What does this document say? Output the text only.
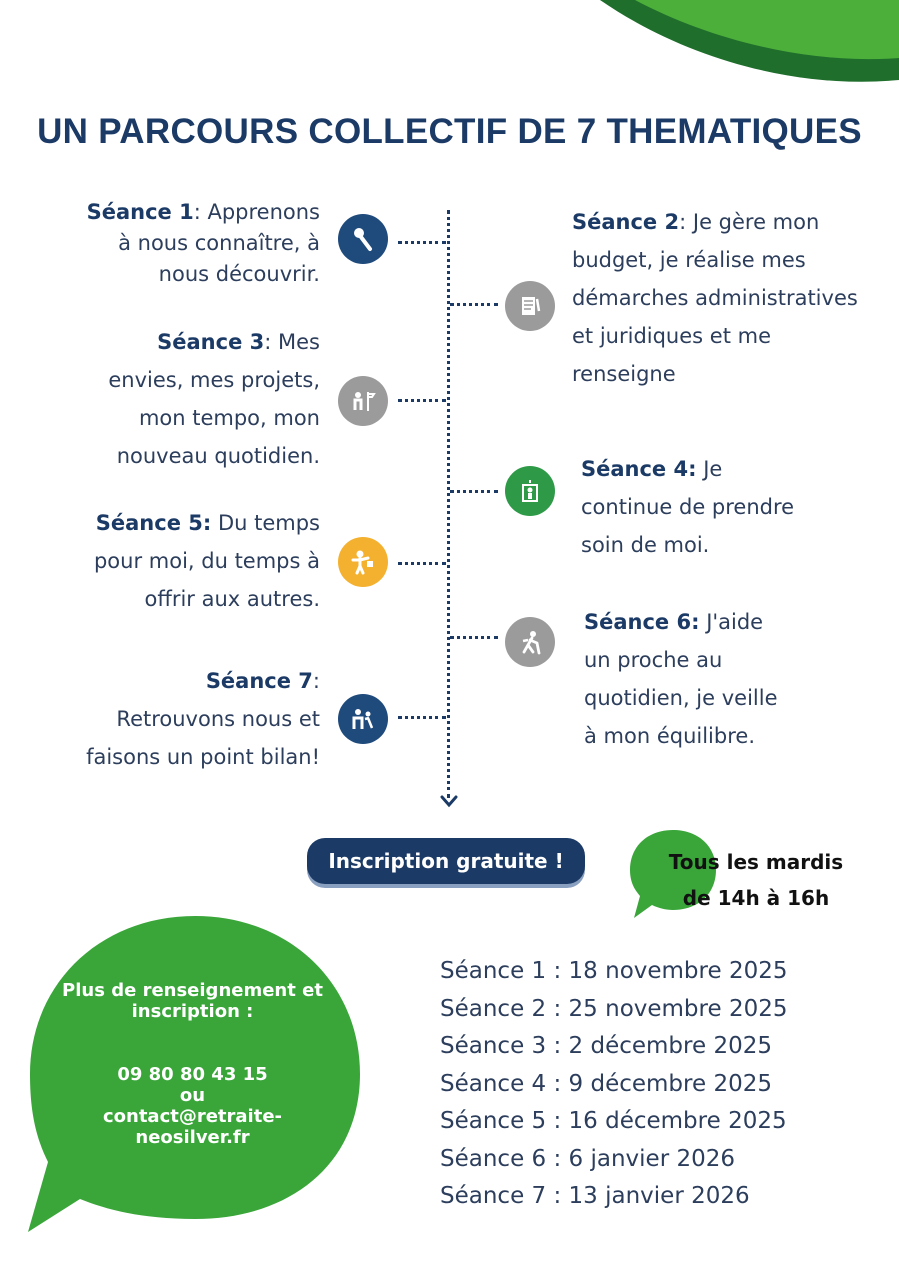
UN PARCOURS COLLECTIF DE 7 THEMATIQUES
Séance 1: Apprenons
à nous connaître, à
nous découvrir.
Séance 2: Je gère mon
budget, je réalise mes
démarches administratives
et juridiques et me
renseigne
Séance 3: Mes
envies, mes projets,
mon tempo, mon
nouveau quotidien.
Séance 4: Je
continue de prendre
soin de moi.
Séance 5: Du temps
pour moi, du temps à
offrir aux autres.
Séance 6: J'aide
un proche au
quotidien, je veille
à mon équilibre.
Séance 7:
Retrouvons nous et
faisons un point bilan!
Inscription gratuite !	Tous les mardis
de 14h à 16h
Plus de renseignement et
inscription :

09 80 80 43 15
ou
contact@retraite-
neosilver.fr
Séance 1 : 18 novembre 2025
Séance 2 : 25 novembre 2025
Séance 3 : 2 décembre 2025
Séance 4 : 9 décembre 2025
Séance 5 : 16 décembre 2025
Séance 6 : 6 janvier 2026
Séance 7 : 13 janvier 2026
